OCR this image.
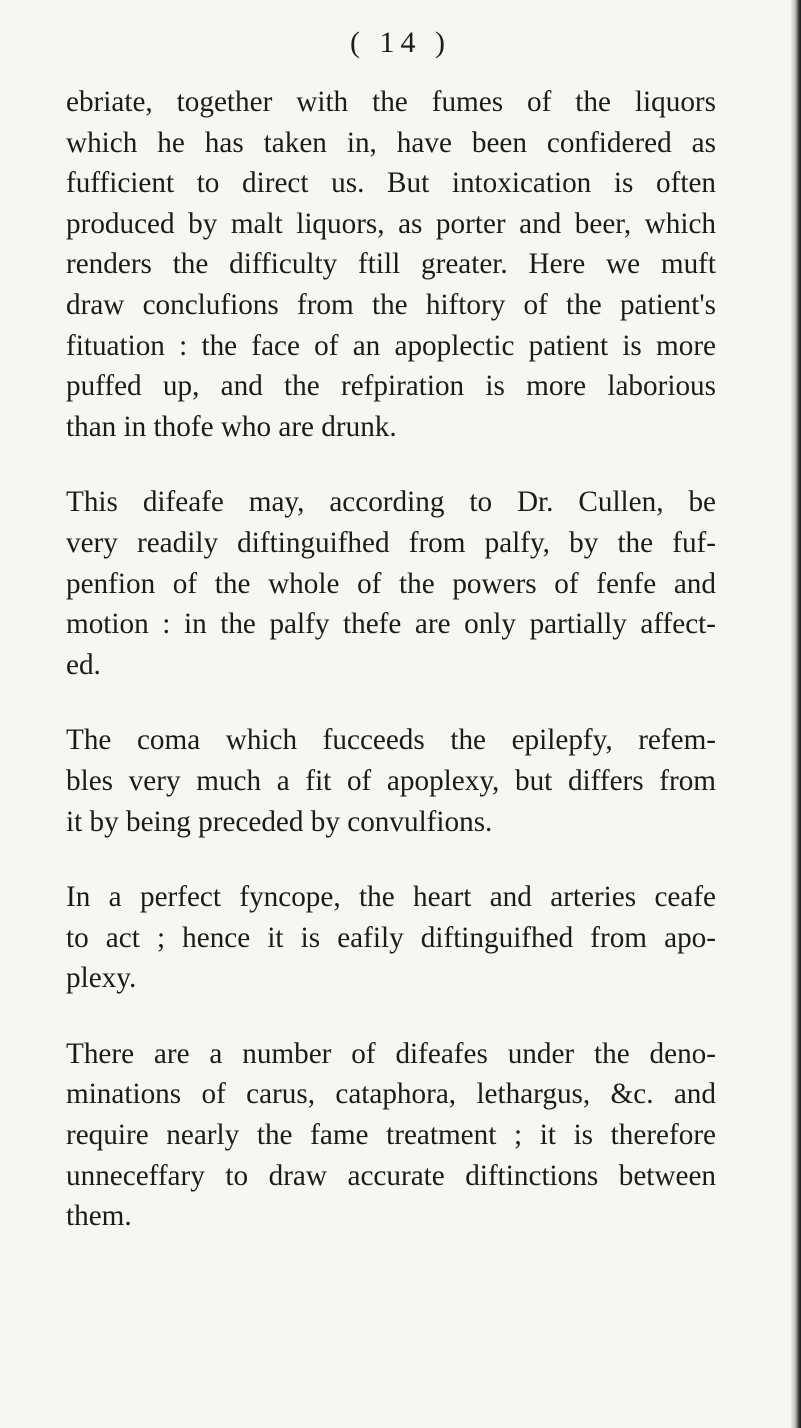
( 14 )

ebriate, together with the fumes of the liquors
which he has taken in, have been confidered as
fufficient to direct us. But intoxication is often
produced by malt liquors, as porter and beer, which
renders the difficulty ftill greater. Here we muft
draw conclufions from the hiftory of the patient's
fituation : the face of an apoplectic patient is more
puffed up, and the refpiration is more laborious
than in thofe who are drunk.

This difeafe may, according to Dr. Cullen, be
very readily diftinguifhed from palfy, by the fuf-
penfion of the whole of the powers of fenfe and
motion : in the palfy thefe are only partially affect-
ed.

The coma which fucceeds the epilepfy, refem-
bles very much a fit of apoplexy, but differs from
it by being preceded by convulfions.

In a perfect fyncope, the heart and arteries ceafe
to act ; hence it is eafily diftinguifhed from apo-
plexy.

There are a number of difeafes under the deno-
minations of carus, cataphora, lethargus, &c. and
require nearly the fame treatment ; it is therefore
unneceffary to draw accurate diftinctions between
them.
